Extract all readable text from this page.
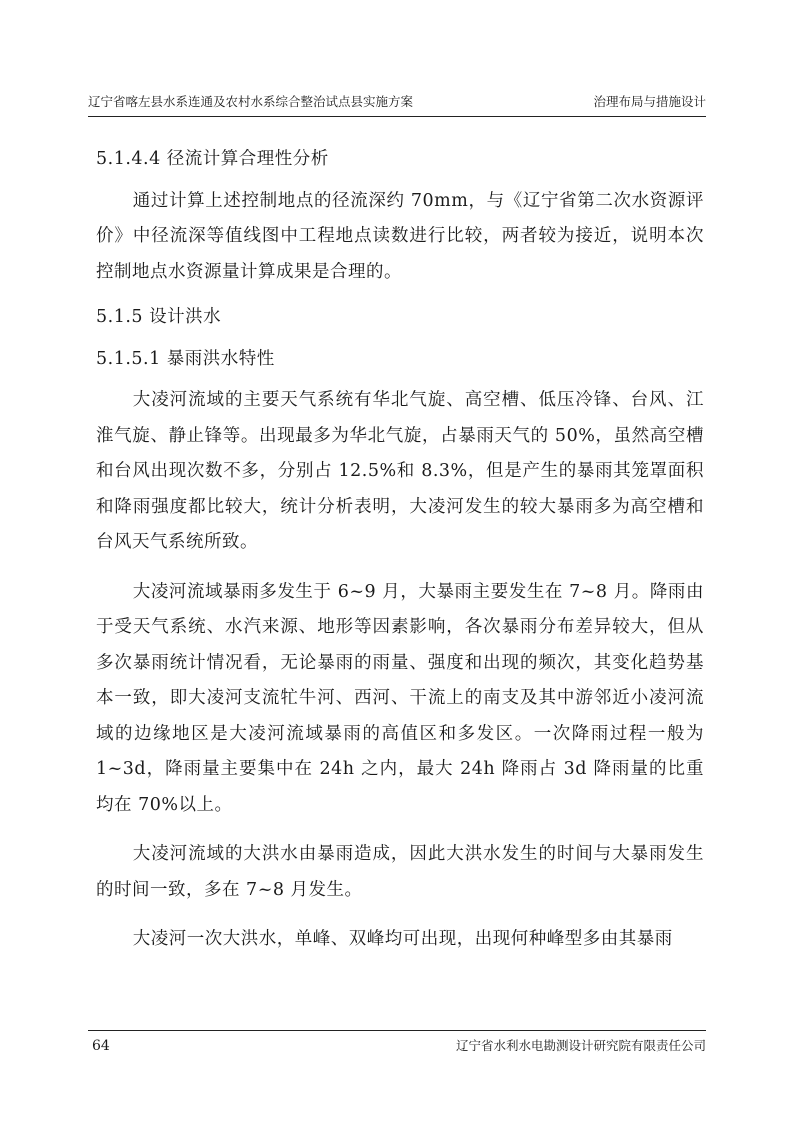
辽宁省喀左县水系连通及农村水系综合整治试点县实施方案	治理布局与措施设计

5.1.4.4 径流计算合理性分析

通过计算上述控制地点的径流深约 70mm，与《辽宁省第二次水资源评价》中径流深等值线图中工程地点读数进行比较，两者较为接近，说明本次控制地点水资源量计算成果是合理的。

5.1.5 设计洪水

5.1.5.1 暴雨洪水特性

大凌河流域的主要天气系统有华北气旋、高空槽、低压冷锋、台风、江淮气旋、静止锋等。出现最多为华北气旋，占暴雨天气的 50%，虽然高空槽和台风出现次数不多，分别占 12.5%和 8.3%，但是产生的暴雨其笼罩面积和降雨强度都比较大，统计分析表明，大凌河发生的较大暴雨多为高空槽和台风天气系统所致。

大凌河流域暴雨多发生于 6~9 月，大暴雨主要发生在 7~8 月。降雨由于受天气系统、水汽来源、地形等因素影响，各次暴雨分布差异较大，但从多次暴雨统计情况看，无论暴雨的雨量、强度和出现的频次，其变化趋势基本一致，即大凌河支流牤牛河、西河、干流上的南支及其中游邻近小凌河流域的边缘地区是大凌河流域暴雨的高值区和多发区。一次降雨过程一般为 1~3d，降雨量主要集中在 24h 之内，最大 24h 降雨占 3d 降雨量的比重均在 70%以上。

大凌河流域的大洪水由暴雨造成，因此大洪水发生的时间与大暴雨发生的时间一致，多在 7~8 月发生。

大凌河一次大洪水，单峰、双峰均可出现，出现何种峰型多由其暴雨

64	辽宁省水利水电勘测设计研究院有限责任公司
